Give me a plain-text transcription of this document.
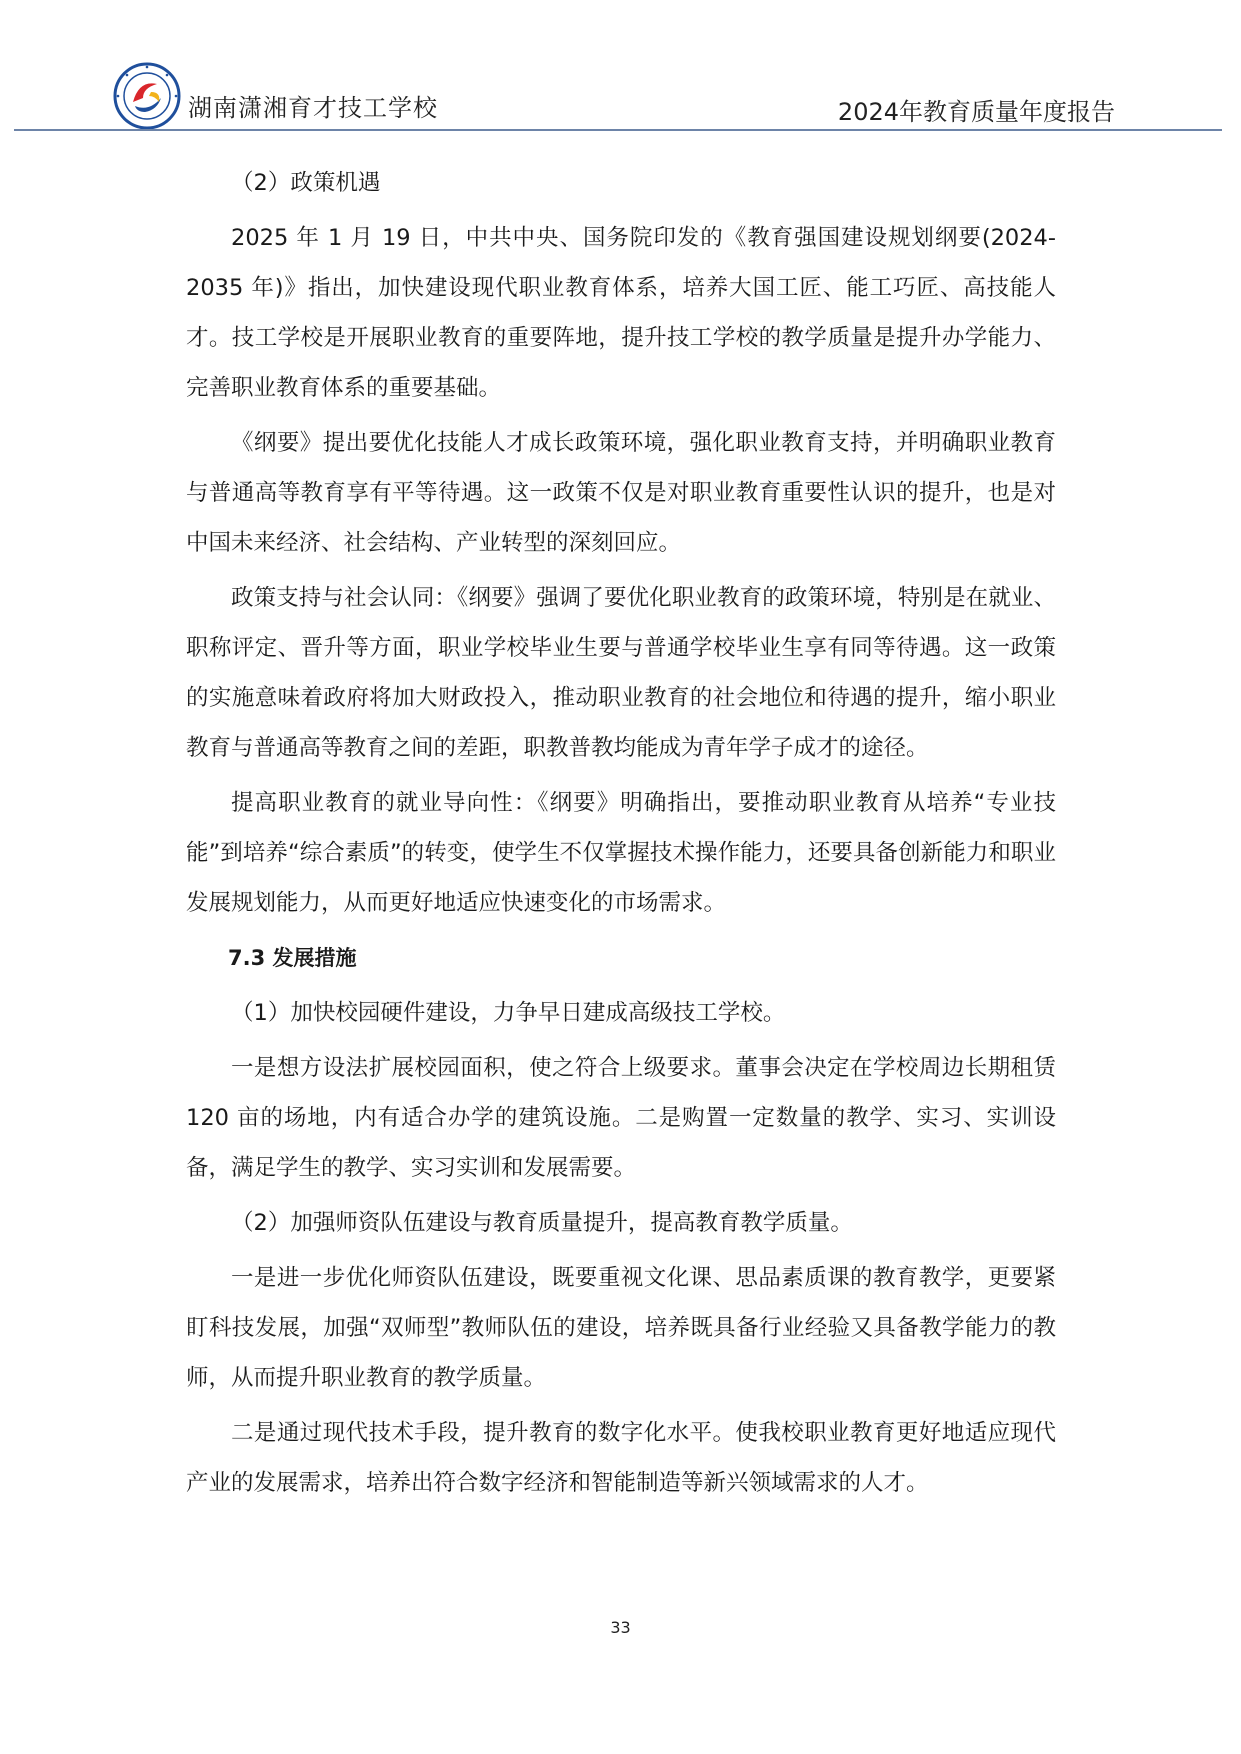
湖南潇湘育才技工学校	2024年教育质量年度报告

（2）政策机遇

2025 年 1 月 19 日，中共中央、国务院印发的《教育强国建设规划纲要(2024-2035 年)》指出，加快建设现代职业教育体系，培养大国工匠、能工巧匠、高技能人才。技工学校是开展职业教育的重要阵地，提升技工学校的教学质量是提升办学能力、完善职业教育体系的重要基础。

《纲要》提出要优化技能人才成长政策环境，强化职业教育支持，并明确职业教育与普通高等教育享有平等待遇。这一政策不仅是对职业教育重要性认识的提升，也是对中国未来经济、社会结构、产业转型的深刻回应。

政策支持与社会认同：《纲要》强调了要优化职业教育的政策环境，特别是在就业、职称评定、晋升等方面，职业学校毕业生要与普通学校毕业生享有同等待遇。这一政策的实施意味着政府将加大财政投入，推动职业教育的社会地位和待遇的提升，缩小职业教育与普通高等教育之间的差距，职教普教均能成为青年学子成才的途径。

提高职业教育的就业导向性：《纲要》明确指出，要推动职业教育从培养“专业技能”到培养“综合素质”的转变，使学生不仅掌握技术操作能力，还要具备创新能力和职业发展规划能力，从而更好地适应快速变化的市场需求。

7.3 发展措施

（1）加快校园硬件建设，力争早日建成高级技工学校。

一是想方设法扩展校园面积，使之符合上级要求。董事会决定在学校周边长期租赁 120 亩的场地，内有适合办学的建筑设施。二是购置一定数量的教学、实习、实训设备，满足学生的教学、实习实训和发展需要。

（2）加强师资队伍建设与教育质量提升，提高教育教学质量。

一是进一步优化师资队伍建设，既要重视文化课、思品素质课的教育教学，更要紧盯科技发展，加强“双师型”教师队伍的建设，培养既具备行业经验又具备教学能力的教师，从而提升职业教育的教学质量。

二是通过现代技术手段，提升教育的数字化水平。使我校职业教育更好地适应现代产业的发展需求，培养出符合数字经济和智能制造等新兴领域需求的人才。

33
